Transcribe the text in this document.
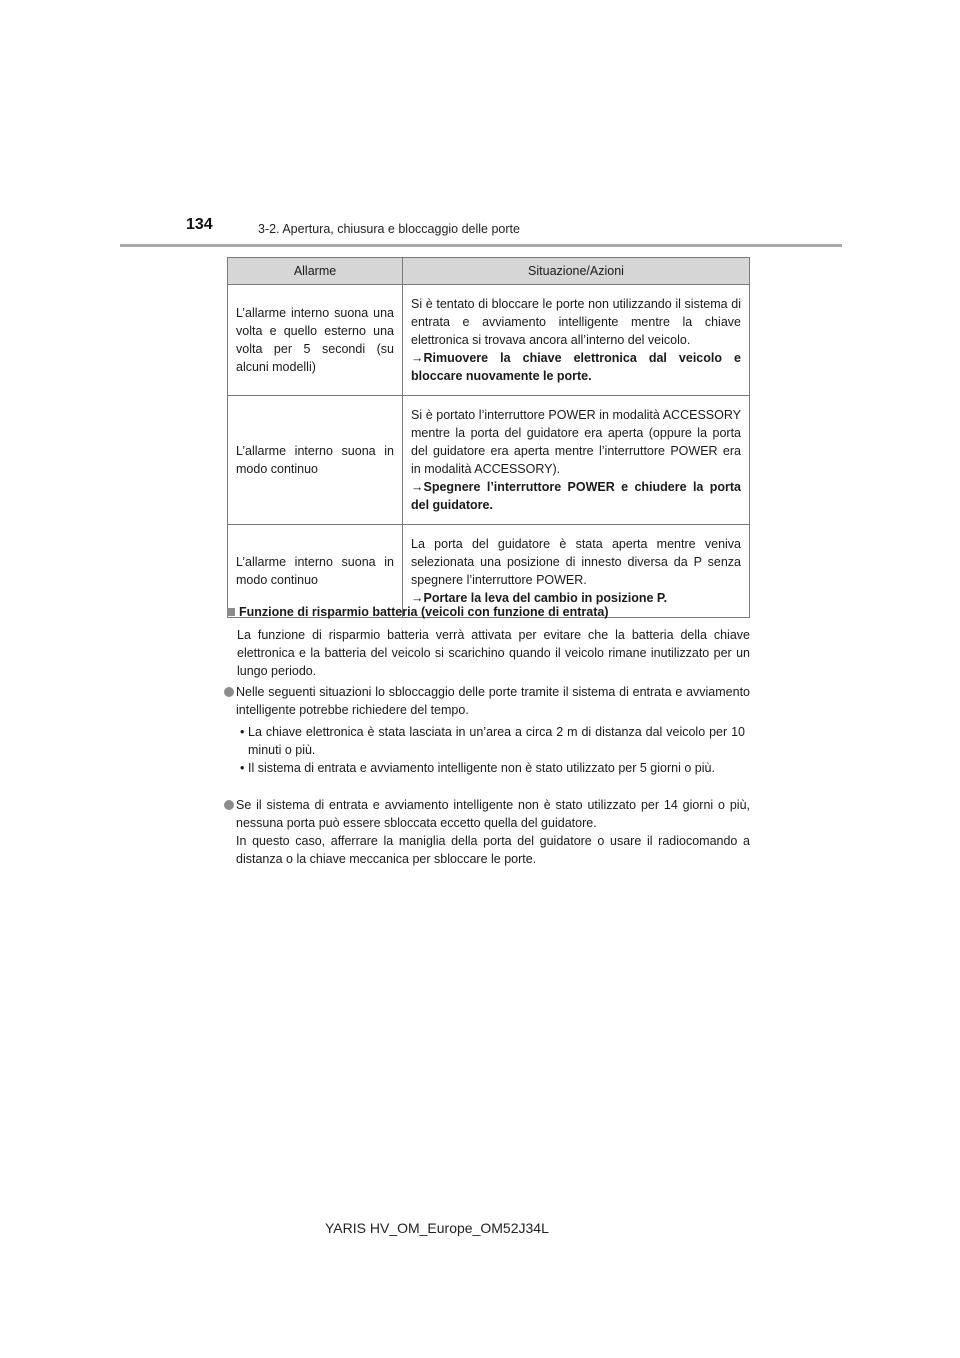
134	3-2. Apertura, chiusura e bloccaggio delle porte
Allarme	Situazione/Azioni
L’allarme interno suona una volta e quello esterno una volta per 5 secondi (su alcuni modelli)	Si è tentato di bloccare le porte non utilizzando il sistema di entrata e avviamento intelligente mentre la chiave elettronica si trovava ancora all’interno del veicolo.
→Rimuovere la chiave elettronica dal veicolo e bloccare nuovamente le porte.
L’allarme interno suona in modo continuo	Si è portato l’interruttore POWER in modalità ACCESSORY mentre la porta del guidatore era aperta (oppure la porta del guidatore era aperta mentre l’interruttore POWER era in modalità ACCESSORY).
→Spegnere l’interruttore POWER e chiudere la porta del guidatore.
L’allarme interno suona in modo continuo	La porta del guidatore è stata aperta mentre veniva selezionata una posizione di innesto diversa da P senza spegnere l’interruttore POWER.
→Portare la leva del cambio in posizione P.
Funzione di risparmio batteria (veicoli con funzione di entrata)
La funzione di risparmio batteria verrà attivata per evitare che la batteria della chiave elettronica e la batteria del veicolo si scarichino quando il veicolo rimane inutilizzato per un lungo periodo.
Nelle seguenti situazioni lo sbloccaggio delle porte tramite il sistema di entrata e avviamento intelligente potrebbe richiedere del tempo.
• La chiave elettronica è stata lasciata in un’area a circa 2 m di distanza dal veicolo per 10 minuti o più.
• Il sistema di entrata e avviamento intelligente non è stato utilizzato per 5 giorni o più.
Se il sistema di entrata e avviamento intelligente non è stato utilizzato per 14 giorni o più, nessuna porta può essere sbloccata eccetto quella del guidatore.
In questo caso, afferrare la maniglia della porta del guidatore o usare il radiocomando a distanza o la chiave meccanica per sbloccare le porte.
YARIS HV_OM_Europe_OM52J34L
